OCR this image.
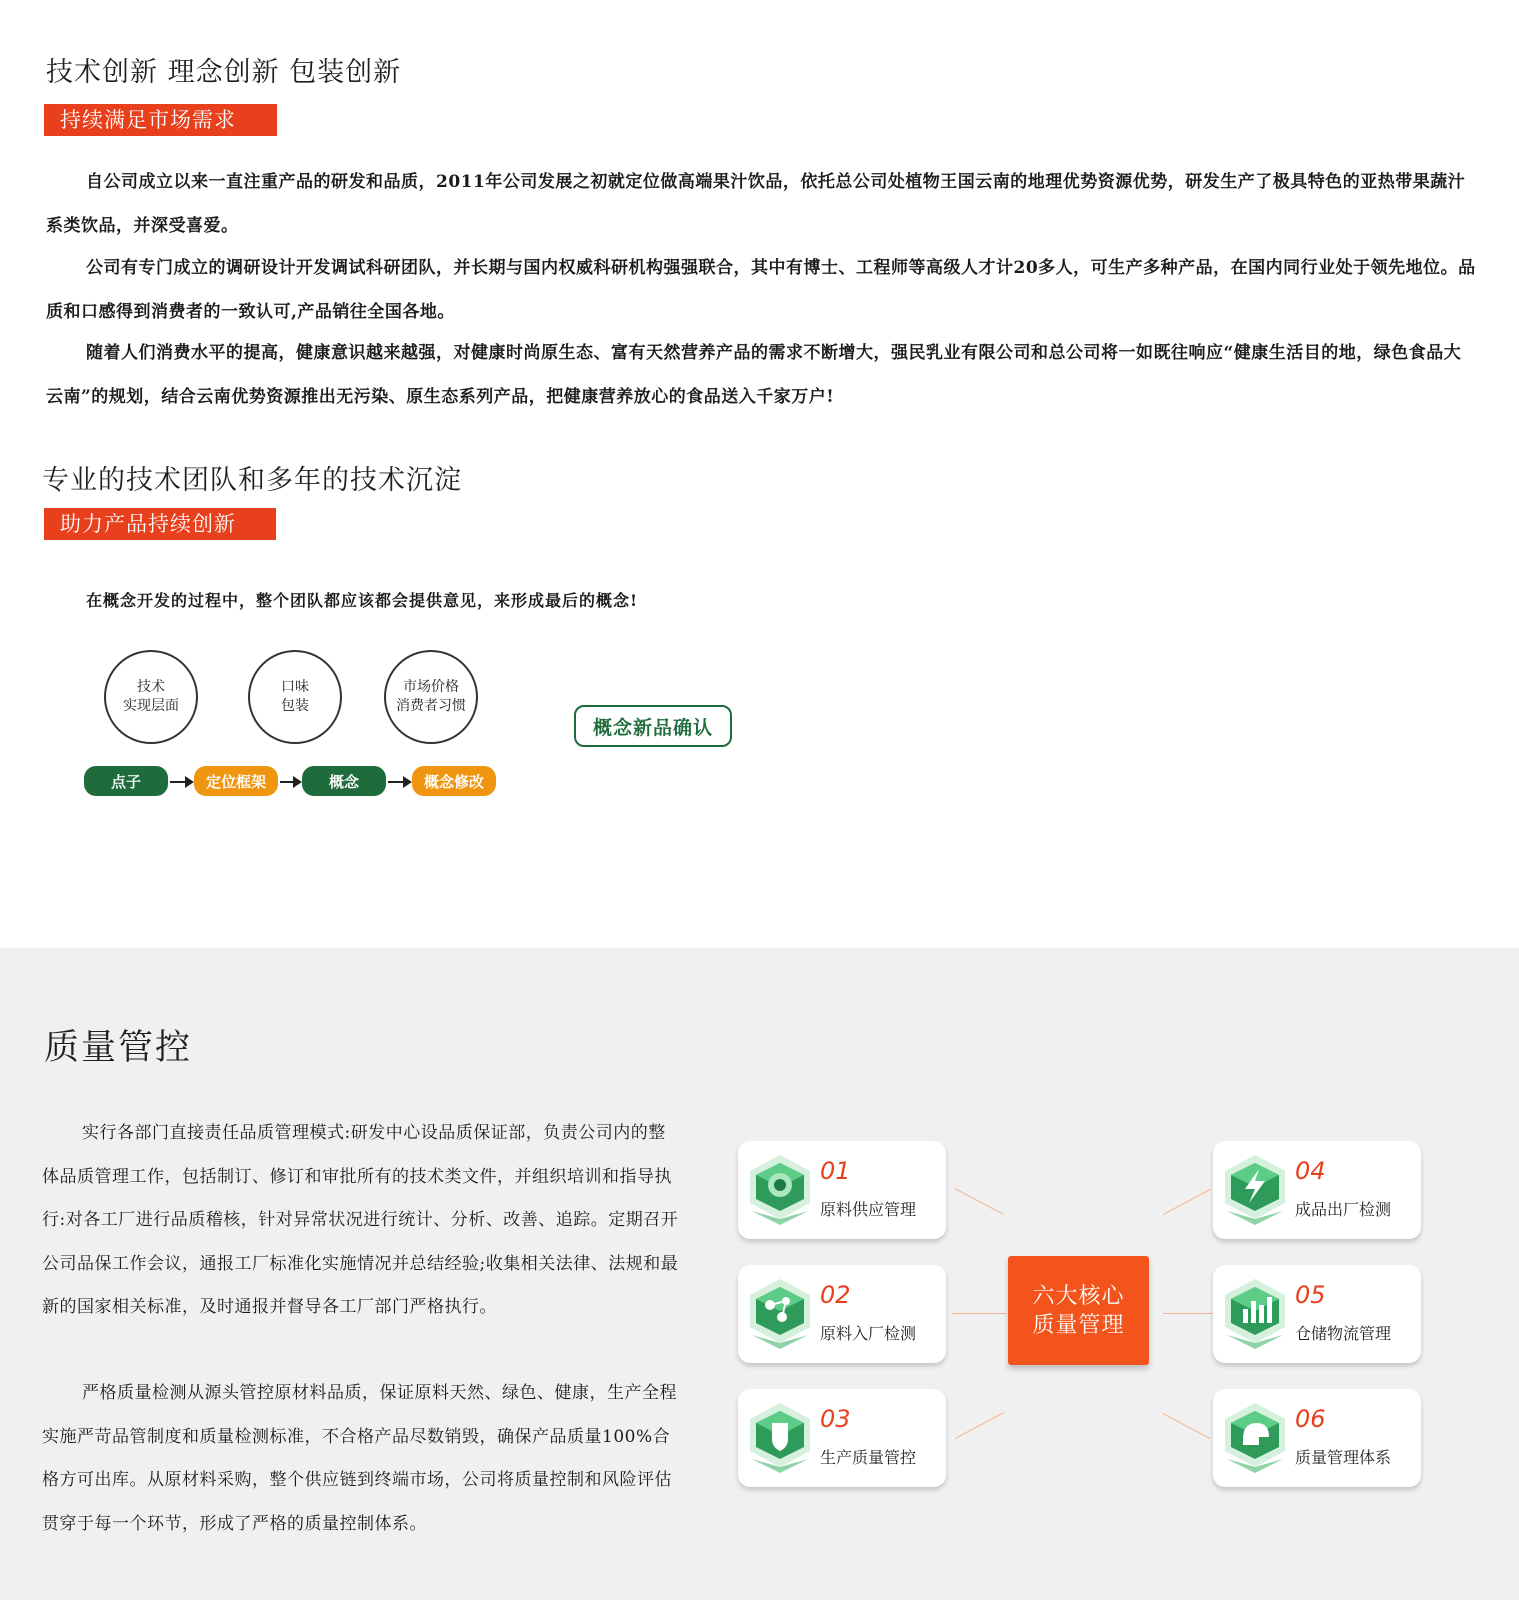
技术创新 理念创新 包装创新
持续满足市场需求

自公司成立以来一直注重产品的研发和品质，2011年公司发展之初就定位做高端果汁饮品，依托总公司处植物王国云南的地理优势资源优势，研发生产了极具特色的亚热带果蔬汁系类饮品，并深受喜爱。

公司有专门成立的调研设计开发调试科研团队，并长期与国内权威科研机构强强联合，其中有博士、工程师等高级人才计20多人，可生产多种产品，在国内同行业处于领先地位。品质和口感得到消费者的一致认可,产品销往全国各地。

随着人们消费水平的提高，健康意识越来越强，对健康时尚原生态、富有天然营养产品的需求不断增大，强民乳业有限公司和总公司将一如既往响应“健康生活目的地，绿色食品大云南”的规划，结合云南优势资源推出无污染、原生态系列产品，把健康营养放心的食品送入千家万户!

专业的技术团队和多年的技术沉淀
助力产品持续创新
在概念开发的过程中，整个团队都应该都会提供意见，来形成最后的概念!
技术
实现层面
口味
包装
市场价格
消费者习惯
点子	定位框架	概念	概念修改
概念新品确认
质量管控

实行各部门直接责任品质管理模式:研发中心设品质保证部，负责公司内的整体品质管理工作，包括制订、修订和审批所有的技术类文件，并组织培训和指导执行:对各工厂进行品质稽核，针对异常状况进行统计、分析、改善、追踪。定期召开公司品保工作会议，通报工厂标准化实施情况并总结经验;收集相关法律、法规和最新的国家相关标准，及时通报并督导各工厂部门严格执行。

严格质量检测从源头管控原材料品质，保证原料天然、绿色、健康，生产全程实施严苛品管制度和质量检测标准，不合格产品尽数销毁，确保产品质量100%合格方可出库。从原材料采购，整个供应链到终端市场，公司将质量控制和风险评估贯穿于每一个环节，形成了严格的质量控制体系。

六大核心
质量管理
01
原料供应管理
02
原料入厂检测
03
生产质量管控
04
成品出厂检测
05
仓储物流管理
06
质量管理体系
